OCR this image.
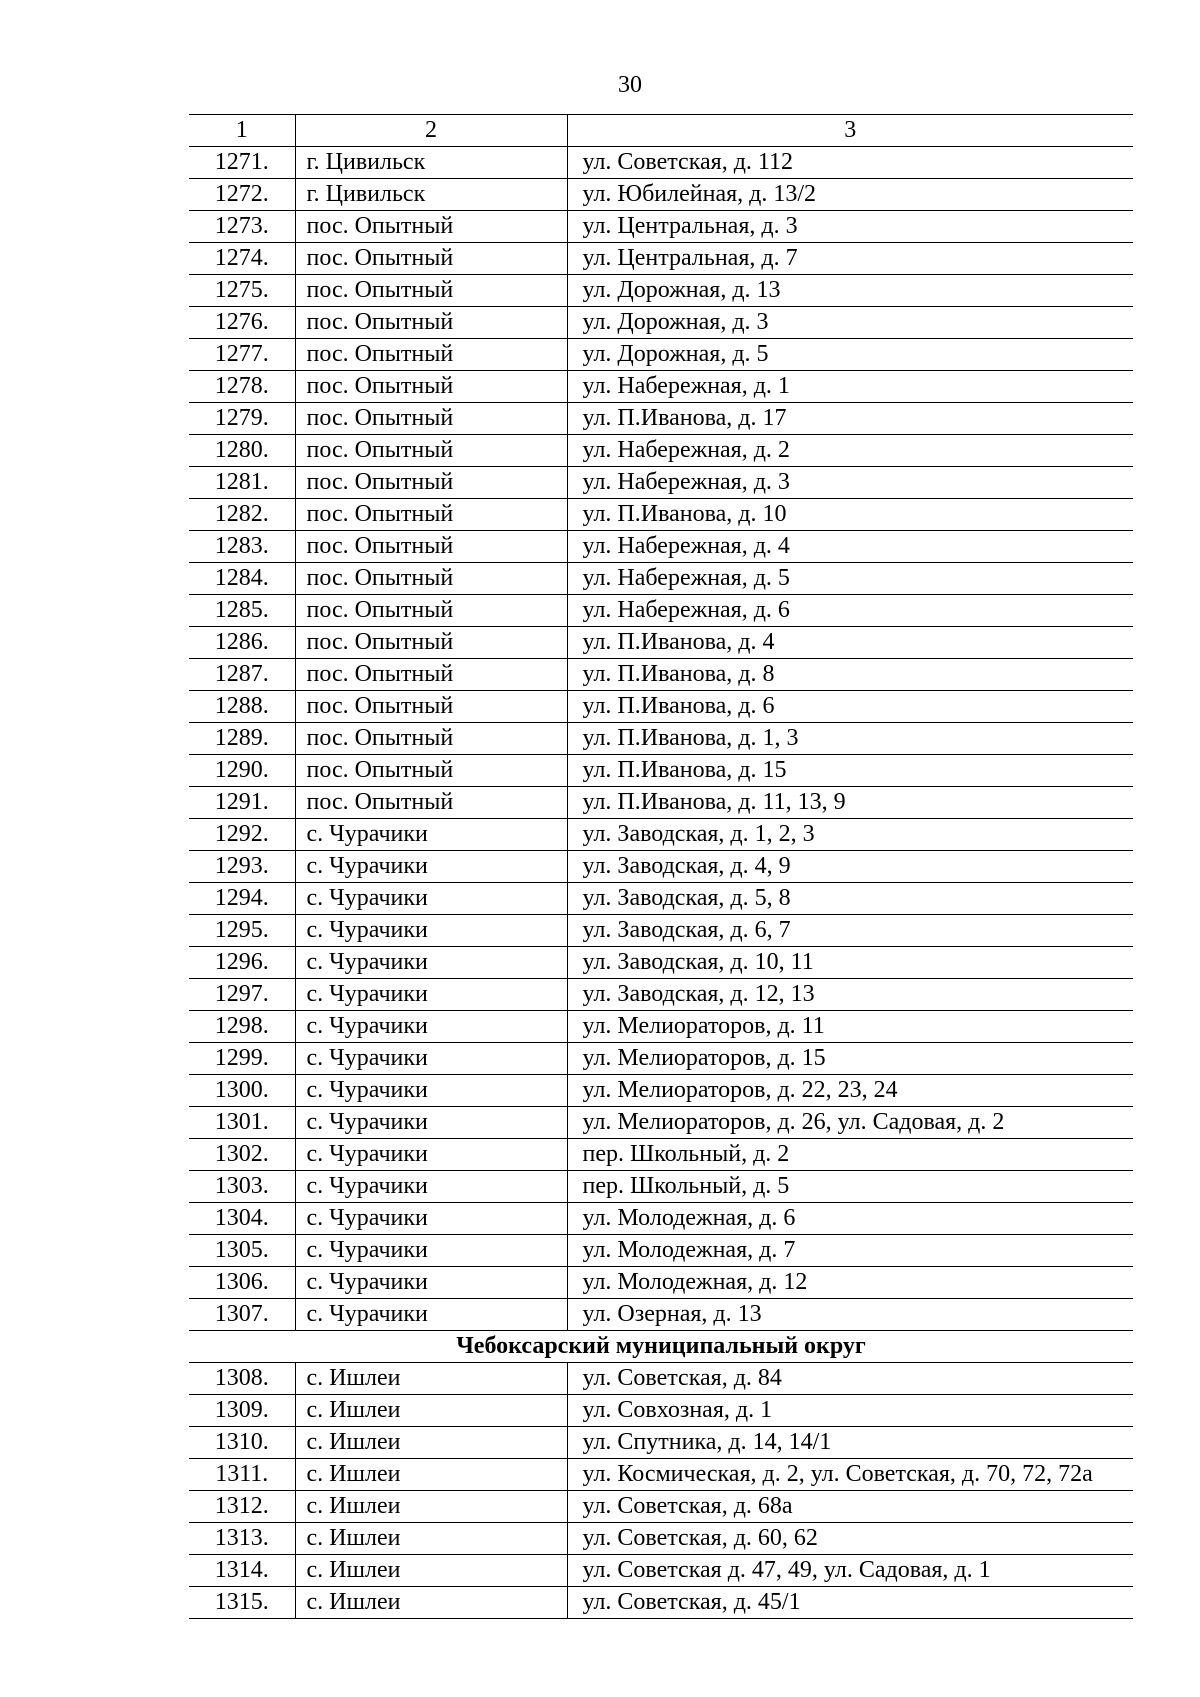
30
1	2	3
1271.	г. Цивильск	ул. Советская, д. 112
1272.	г. Цивильск	ул. Юбилейная, д. 13/2
1273.	пос. Опытный	ул. Центральная, д. 3
1274.	пос. Опытный	ул. Центральная, д. 7
1275.	пос. Опытный	ул. Дорожная, д. 13
1276.	пос. Опытный	ул. Дорожная, д. 3
1277.	пос. Опытный	ул. Дорожная, д. 5
1278.	пос. Опытный	ул. Набережная, д. 1
1279.	пос. Опытный	ул. П.Иванова, д. 17
1280.	пос. Опытный	ул. Набережная, д. 2
1281.	пос. Опытный	ул. Набережная, д. 3
1282.	пос. Опытный	ул. П.Иванова, д. 10
1283.	пос. Опытный	ул. Набережная, д. 4
1284.	пос. Опытный	ул. Набережная, д. 5
1285.	пос. Опытный	ул. Набережная, д. 6
1286.	пос. Опытный	ул. П.Иванова, д. 4
1287.	пос. Опытный	ул. П.Иванова, д. 8
1288.	пос. Опытный	ул. П.Иванова, д. 6
1289.	пос. Опытный	ул. П.Иванова, д. 1, 3
1290.	пос. Опытный	ул. П.Иванова, д. 15
1291.	пос. Опытный	ул. П.Иванова, д. 11, 13, 9
1292.	с. Чурачики	ул. Заводская, д. 1, 2, 3
1293.	с. Чурачики	ул. Заводская, д. 4, 9
1294.	с. Чурачики	ул. Заводская, д. 5, 8
1295.	с. Чурачики	ул. Заводская, д. 6, 7
1296.	с. Чурачики	ул. Заводская, д. 10, 11
1297.	с. Чурачики	ул. Заводская, д. 12, 13
1298.	с. Чурачики	ул. Мелиораторов, д. 11
1299.	с. Чурачики	ул. Мелиораторов, д. 15
1300.	с. Чурачики	ул. Мелиораторов, д. 22, 23, 24
1301.	с. Чурачики	ул. Мелиораторов, д. 26, ул. Садовая, д. 2
1302.	с. Чурачики	пер. Школьный, д. 2
1303.	с. Чурачики	пер. Школьный, д. 5
1304.	с. Чурачики	ул. Молодежная, д. 6
1305.	с. Чурачики	ул. Молодежная, д. 7
1306.	с. Чурачики	ул. Молодежная, д. 12
1307.	с. Чурачики	ул. Озерная, д. 13
Чебоксарский муниципальный округ		
1308.	с. Ишлеи	ул. Советская, д. 84
1309.	с. Ишлеи	ул. Совхозная, д. 1
1310.	с. Ишлеи	ул. Спутника, д. 14, 14/1
1311.	с. Ишлеи	ул. Космическая, д. 2, ул. Советская, д. 70, 72, 72а
1312.	с. Ишлеи	ул. Советская, д. 68а
1313.	с. Ишлеи	ул. Советская, д. 60, 62
1314.	с. Ишлеи	ул. Советская д. 47, 49, ул. Садовая, д. 1
1315.	с. Ишлеи	ул. Советская, д. 45/1
